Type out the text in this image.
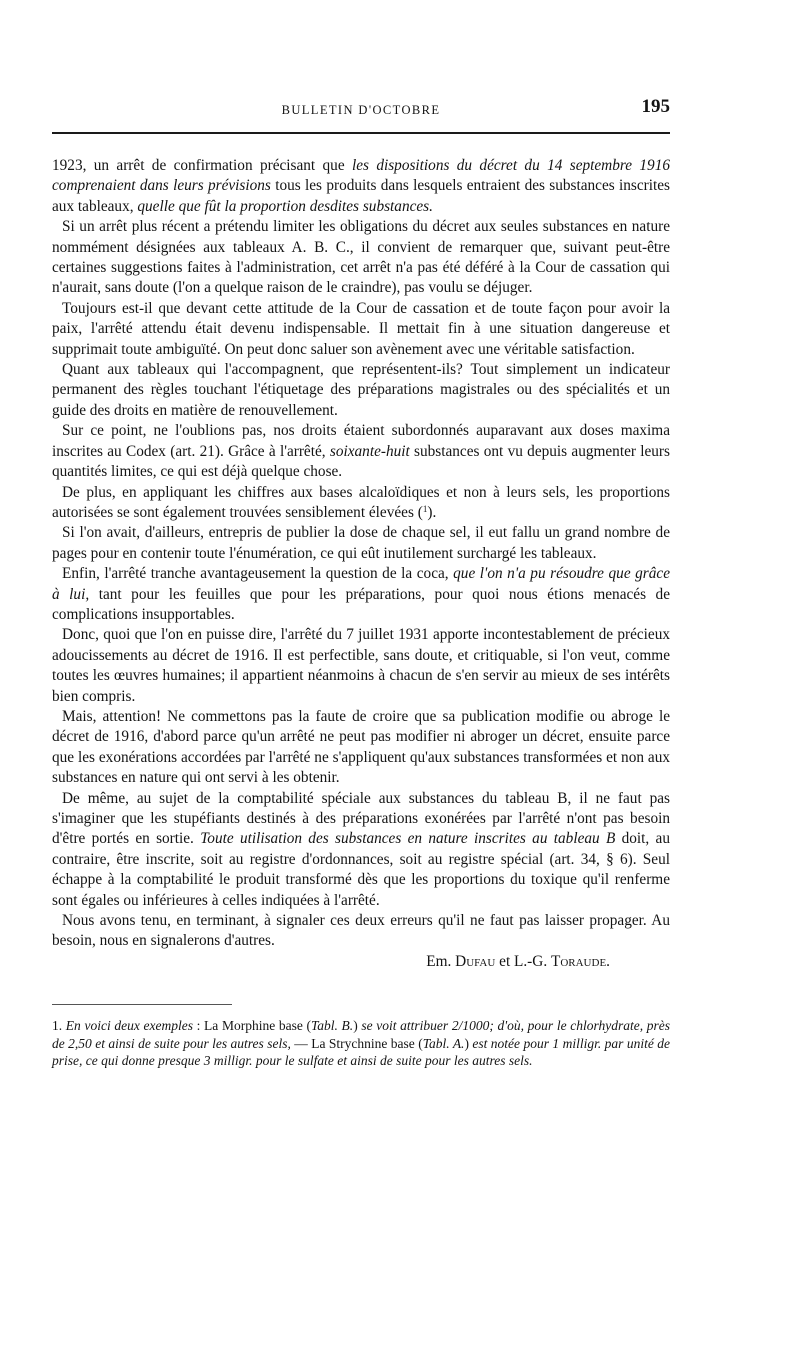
BULLETIN D'OCTOBRE	195

1923, un arrêt de confirmation précisant que les dispositions du décret du 14 septembre 1916 comprenaient dans leurs prévisions tous les produits dans lesquels entraient des substances inscrites aux tableaux, quelle que fût la proportion desdites substances.

Si un arrêt plus récent a prétendu limiter les obligations du décret aux seules substances en nature nommément désignées aux tableaux A. B. C., il convient de remarquer que, suivant peut-être certaines suggestions faites à l'administration, cet arrêt n'a pas été déféré à la Cour de cassation qui n'aurait, sans doute (l'on a quelque raison de le craindre), pas voulu se déjuger.

Toujours est-il que devant cette attitude de la Cour de cassation et de toute façon pour avoir la paix, l'arrêté attendu était devenu indispensable. Il mettait fin à une situation dangereuse et supprimait toute ambiguïté. On peut donc saluer son avènement avec une véritable satisfaction.

Quant aux tableaux qui l'accompagnent, que représentent-ils? Tout simplement un indicateur permanent des règles touchant l'étiquetage des préparations magistrales ou des spécialités et un guide des droits en matière de renouvellement.

Sur ce point, ne l'oublions pas, nos droits étaient subordonnés auparavant aux doses maxima inscrites au Codex (art. 21). Grâce à l'arrêté, soixante-huit substances ont vu depuis augmenter leurs quantités limites, ce qui est déjà quelque chose.

De plus, en appliquant les chiffres aux bases alcaloïdiques et non à leurs sels, les proportions autorisées se sont également trouvées sensiblement élevées ($^1$).

Si l'on avait, d'ailleurs, entrepris de publier la dose de chaque sel, il eut fallu un grand nombre de pages pour en contenir toute l'énumération, ce qui eût inutilement surchargé les tableaux.

Enfin, l'arrêté tranche avantageusement la question de la coca, que l'on n'a pu résoudre que grâce à lui, tant pour les feuilles que pour les préparations, pour quoi nous étions menacés de complications insupportables.

Donc, quoi que l'on en puisse dire, l'arrêté du 7 juillet 1931 apporte incontestablement de précieux adoucissements au décret de 1916. Il est perfectible, sans doute, et critiquable, si l'on veut, comme toutes les œuvres humaines; il appartient néanmoins à chacun de s'en servir au mieux de ses intérêts bien compris.

Mais, attention! Ne commettons pas la faute de croire que sa publication modifie ou abroge le décret de 1916, d'abord parce qu'un arrêté ne peut pas modifier ni abroger un décret, ensuite parce que les exonérations accordées par l'arrêté ne s'appliquent qu'aux substances transformées et non aux substances en nature qui ont servi à les obtenir.

De même, au sujet de la comptabilité spéciale aux substances du tableau B, il ne faut pas s'imaginer que les stupéfiants destinés à des préparations exonérées par l'arrêté n'ont pas besoin d'être portés en sortie. Toute utilisation des substances en nature inscrites au tableau B doit, au contraire, être inscrite, soit au registre d'ordonnances, soit au registre spécial (art. 34, § 6). Seul échappe à la comptabilité le produit transformé dès que les proportions du toxique qu'il renferme sont égales ou inférieures à celles indiquées à l'arrêté.

Nous avons tenu, en terminant, à signaler ces deux erreurs qu'il ne faut pas laisser propager. Au besoin, nous en signalerons d'autres.

Em. Dufau et L.-G. Toraude.

1. En voici deux exemples : La Morphine base (Tabl. B.) se voit attribuer 2/1000; d'où, pour le chlorhydrate, près de 2,50 et ainsi de suite pour les autres sels, — La Strychnine base (Tabl. A.) est notée pour 1 milligr. par unité de prise, ce qui donne presque 3 milligr. pour le sulfate et ainsi de suite pour les autres sels.
